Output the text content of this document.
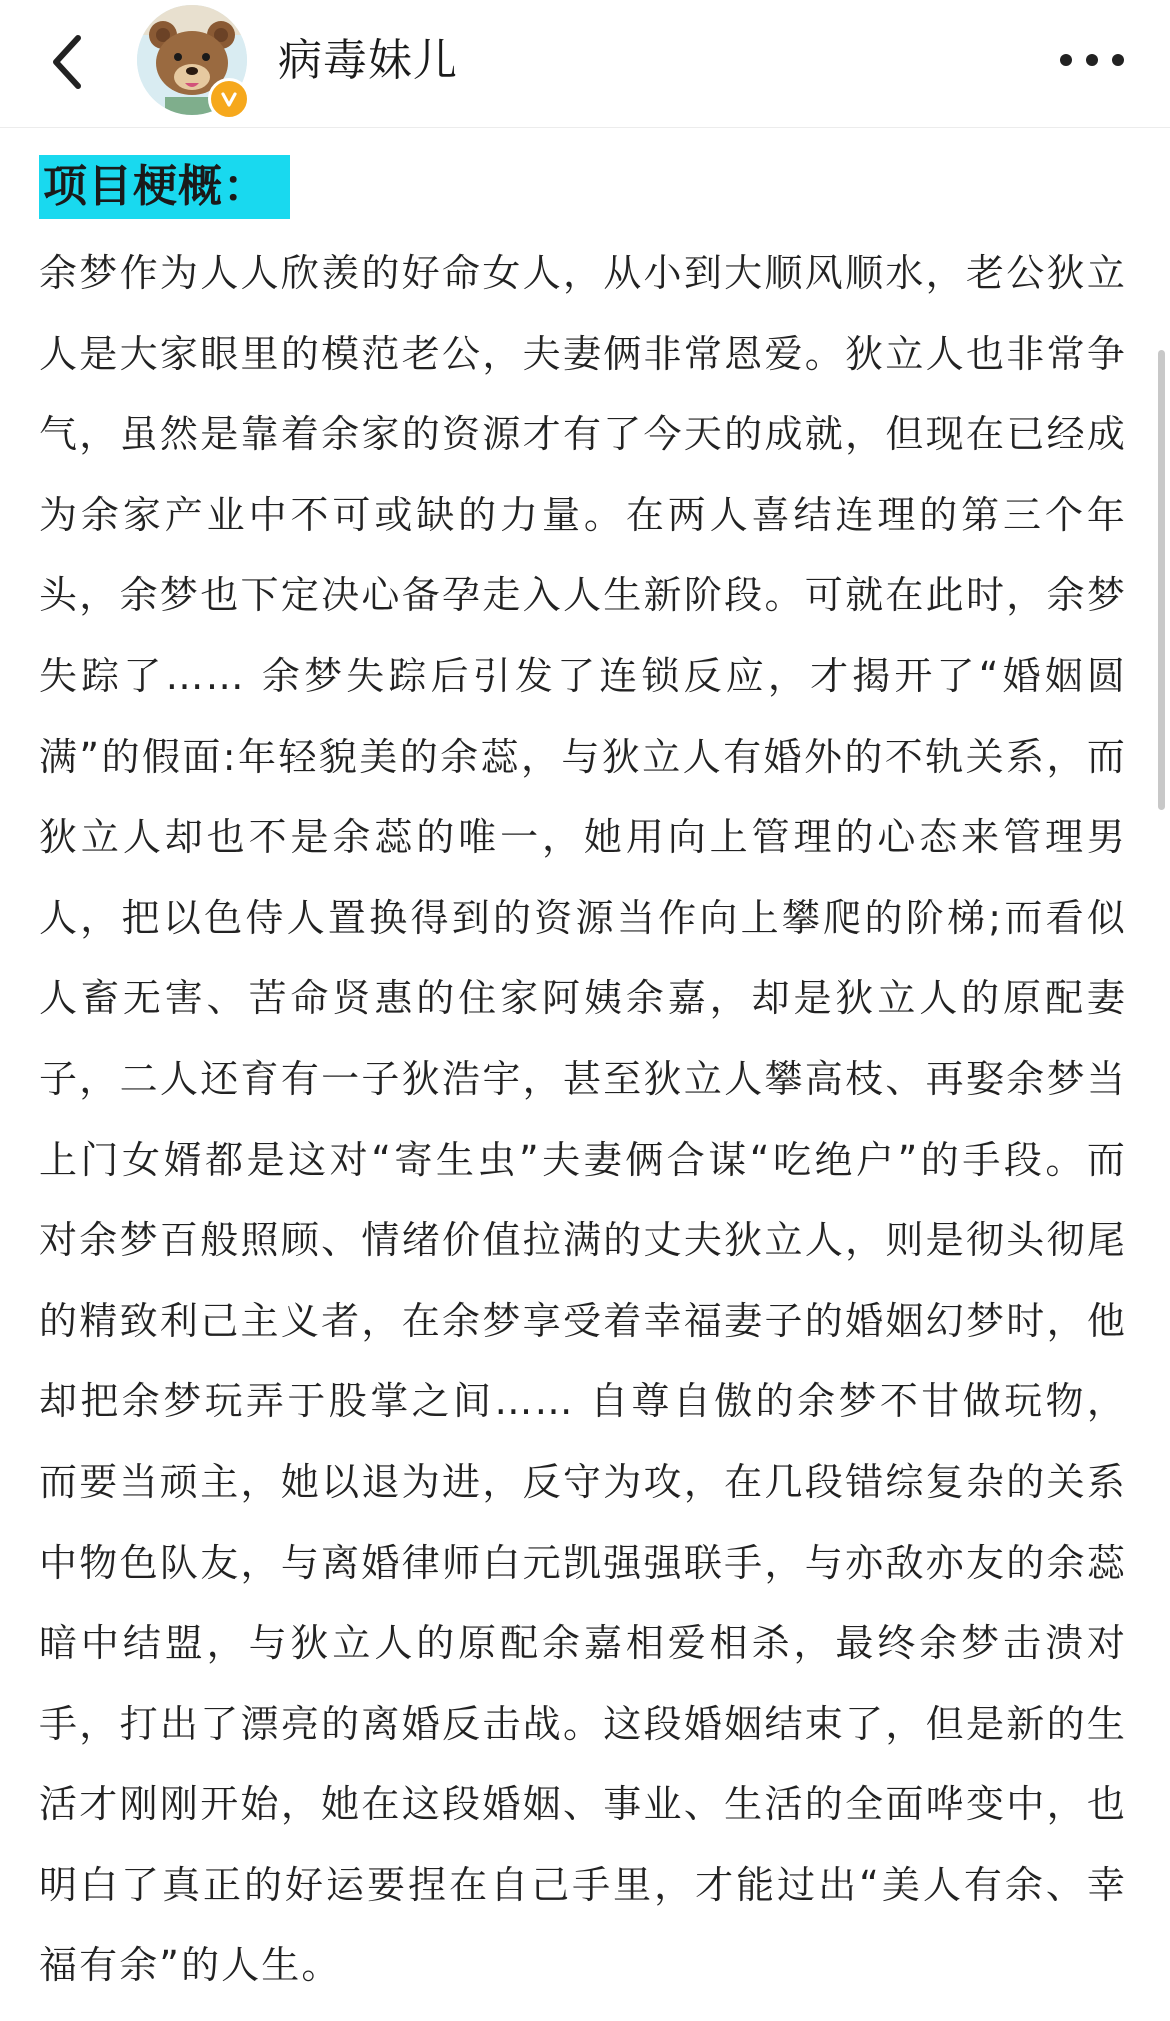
病毒妹儿
项目梗概：
余梦作为人人欣羡的好命女人，从小到大顺风顺水，老公狄立人是大家眼里的模范老公，夫妻俩非常恩爱。狄立人也非常争气，虽然是靠着余家的资源才有了今天的成就，但现在已经成为余家产业中不可或缺的力量。在两人喜结连理的第三个年头，余梦也下定决心备孕走入人生新阶段。可就在此时，余梦失踪了…… 余梦失踪后引发了连锁反应，才揭开了“婚姻圆满”的假面:年轻貌美的余蕊，与狄立人有婚外的不轨关系，而狄立人却也不是余蕊的唯一，她用向上管理的心态来管理男人，把以色侍人置换得到的资源当作向上攀爬的阶梯;而看似人畜无害、苦命贤惠的住家阿姨余嘉，却是狄立人的原配妻子，二人还育有一子狄浩宇，甚至狄立人攀高枝、再娶余梦当 上门女婿都是这对“寄生虫”夫妻俩合谋“吃绝户”的手段。而对余梦百般照顾、情绪价值拉满的丈夫狄立人，则是彻头彻尾的精致利己主义者，在余梦享受着幸福妻子的婚姻幻梦时，他却把余梦玩弄于股掌之间…… 自尊自傲的余梦不甘做玩物，而要当顽主，她以退为进，反守为攻，在几段错综复杂的关系中物色队友，与离婚律师白元凯强强联手，与亦敌亦友的余蕊暗中结盟，与狄立人的原配余嘉相爱相杀，最终余梦击溃对手，打出了漂亮的离婚反击战。这段婚姻结束了，但是新的生活才刚刚开始，她在这段婚姻、事业、生活的全面哗变中，也明白了真正的好运要捏在自己手里，才能过出“美人有余、幸福有余”的人生。
